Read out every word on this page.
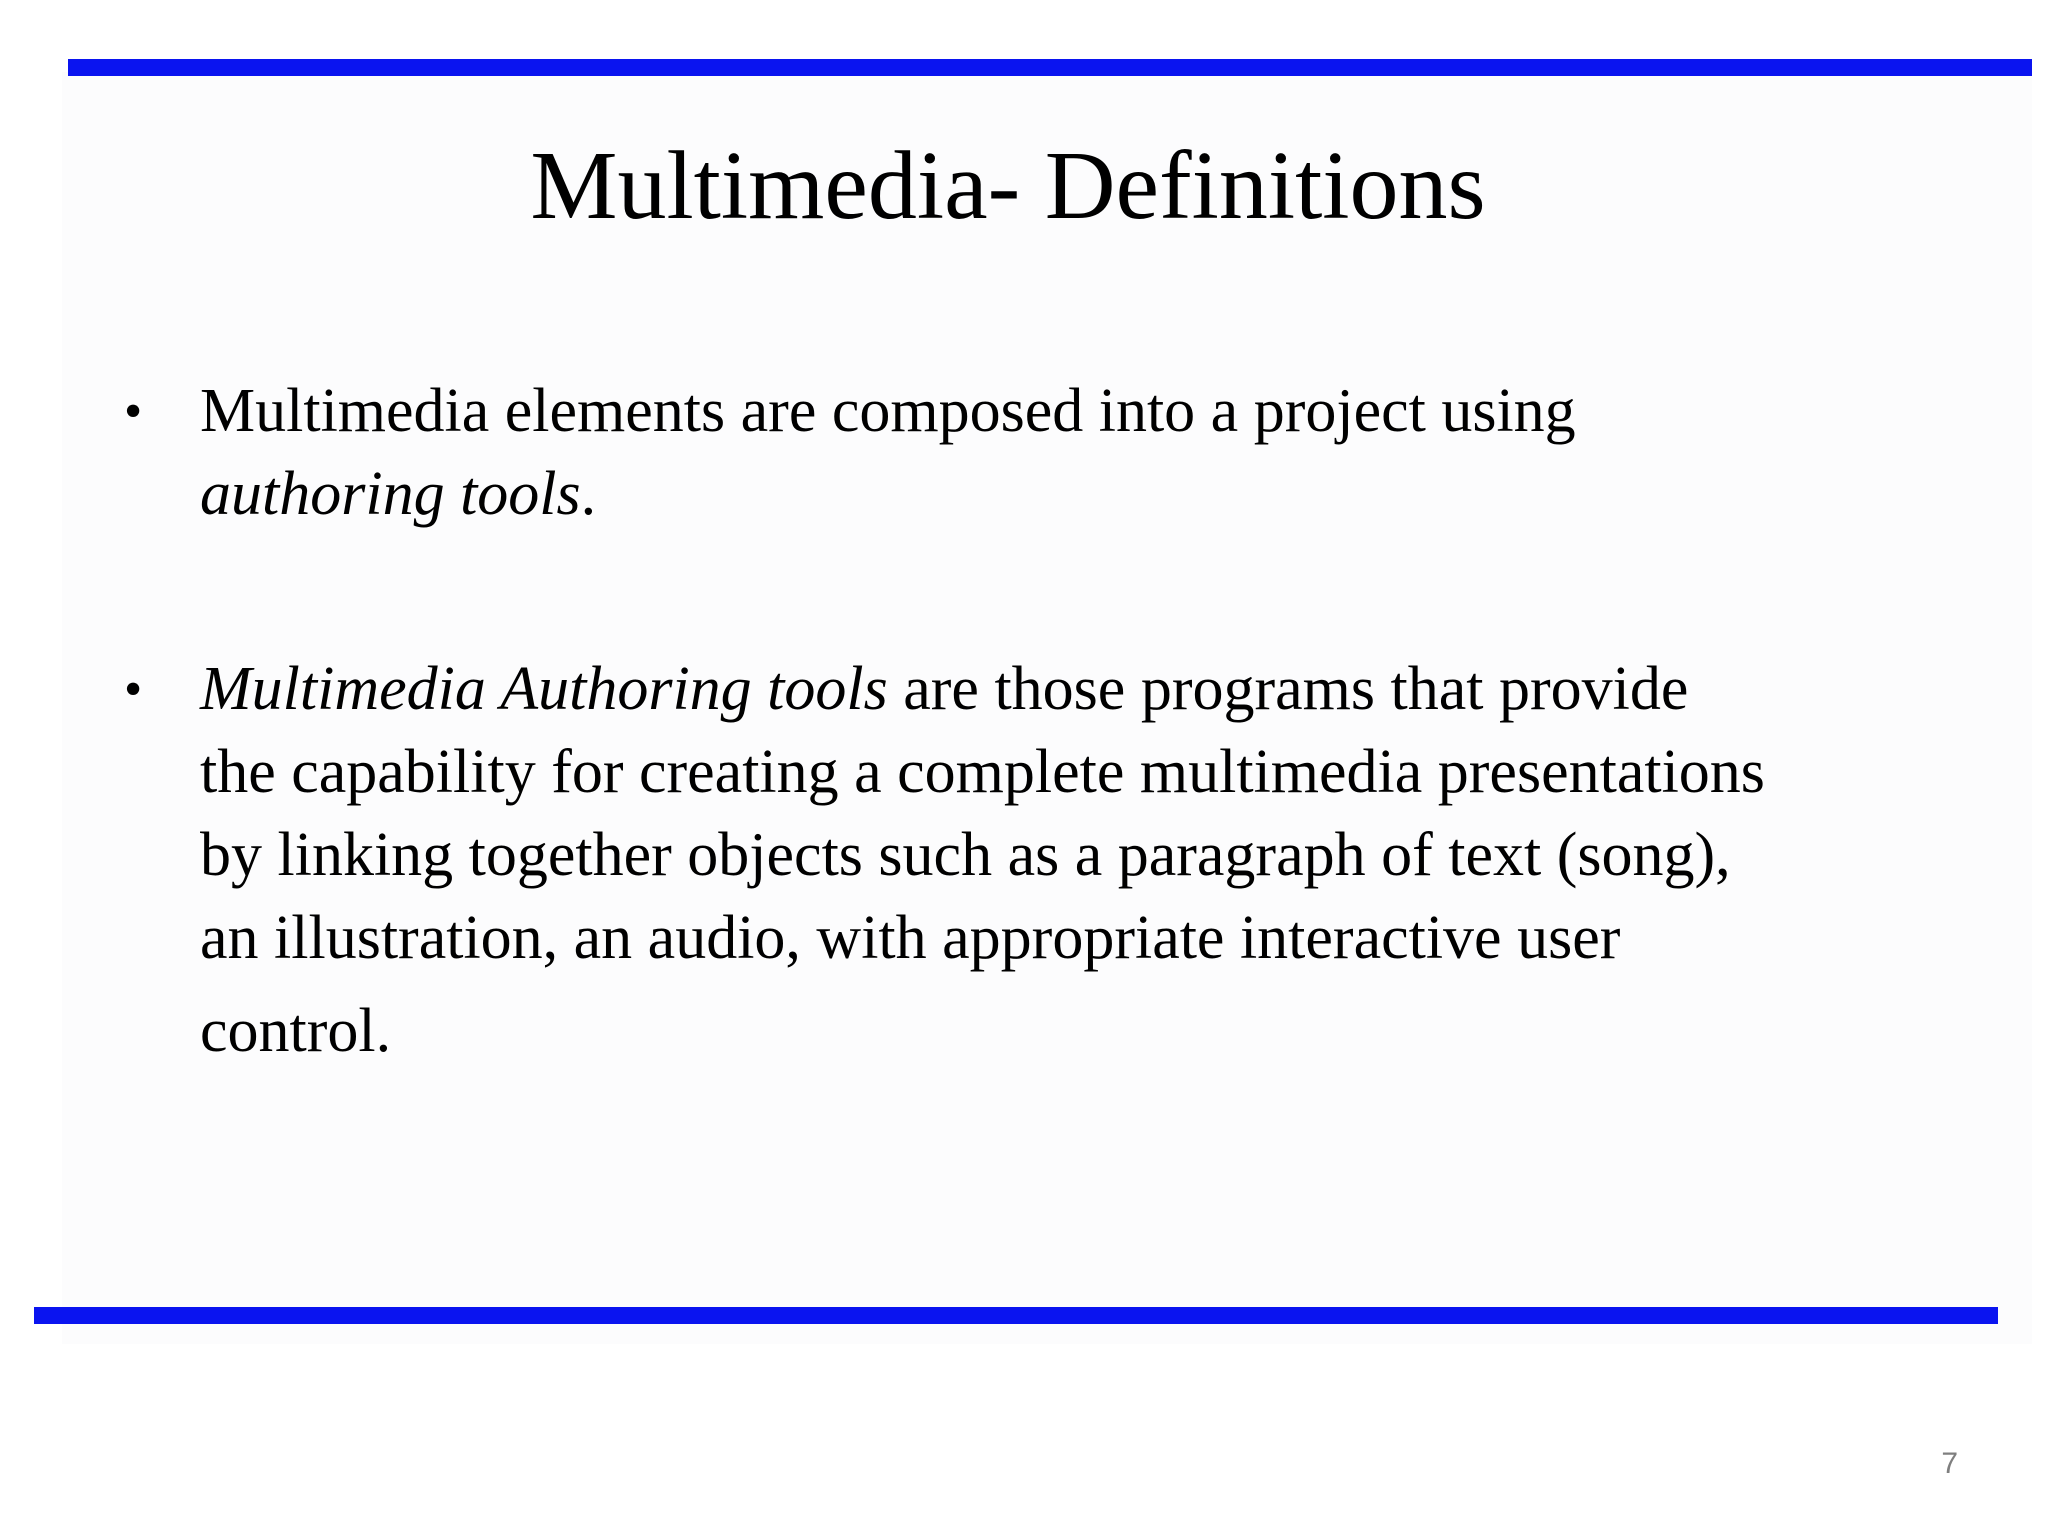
Multimedia- Definitions
• Multimedia elements are composed into a project using
authoring tools.
• Multimedia Authoring tools are those programs that provide
the capability for creating a complete multimedia presentations
by linking together objects such as a paragraph of text (song),
an illustration, an audio, with appropriate interactive user
control.
7
